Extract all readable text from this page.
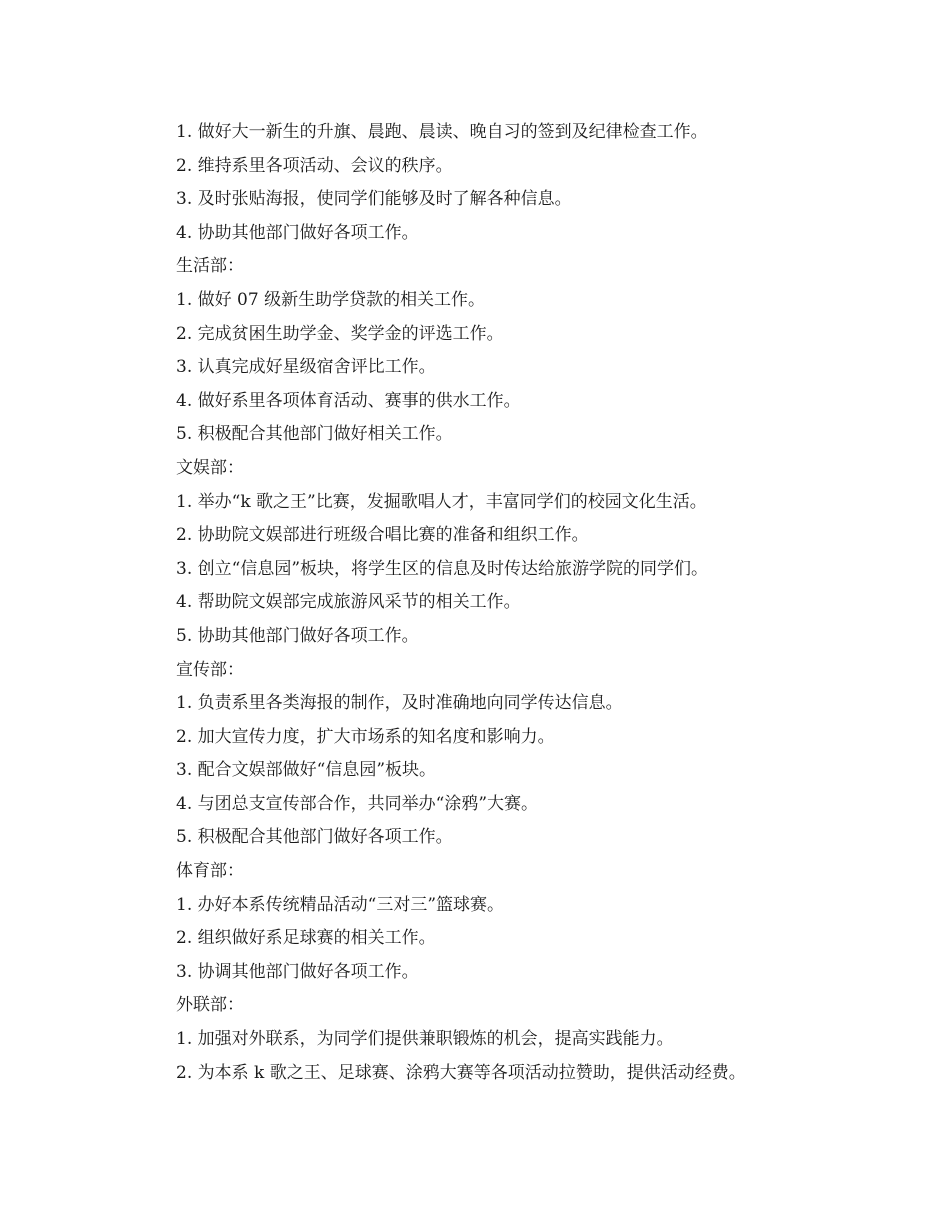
1. 做好大一新生的升旗、晨跑、晨读、晚自习的签到及纪律检查工作。

2. 维持系里各项活动、会议的秩序。

3. 及时张贴海报，使同学们能够及时了解各种信息。

4. 协助其他部门做好各项工作。

生活部：

1. 做好 07 级新生助学贷款的相关工作。

2. 完成贫困生助学金、奖学金的评选工作。

3. 认真完成好星级宿舍评比工作。

4. 做好系里各项体育活动、赛事的供水工作。

5. 积极配合其他部门做好相关工作。

文娱部：

1. 举办“k 歌之王”比赛，发掘歌唱人才，丰富同学们的校园文化生活。

2. 协助院文娱部进行班级合唱比赛的准备和组织工作。

3. 创立“信息园”板块，将学生区的信息及时传达给旅游学院的同学们。

4. 帮助院文娱部完成旅游风采节的相关工作。

5. 协助其他部门做好各项工作。

宣传部：

1. 负责系里各类海报的制作，及时准确地向同学传达信息。

2. 加大宣传力度，扩大市场系的知名度和影响力。

3. 配合文娱部做好“信息园”板块。

4. 与团总支宣传部合作，共同举办“涂鸦”大赛。

5. 积极配合其他部门做好各项工作。

体育部：

1. 办好本系传统精品活动“三对三”篮球赛。

2. 组织做好系足球赛的相关工作。

3. 协调其他部门做好各项工作。

外联部：

1. 加强对外联系，为同学们提供兼职锻炼的机会，提高实践能力。

2. 为本系 k 歌之王、足球赛、涂鸦大赛等各项活动拉赞助，提供活动经费。
